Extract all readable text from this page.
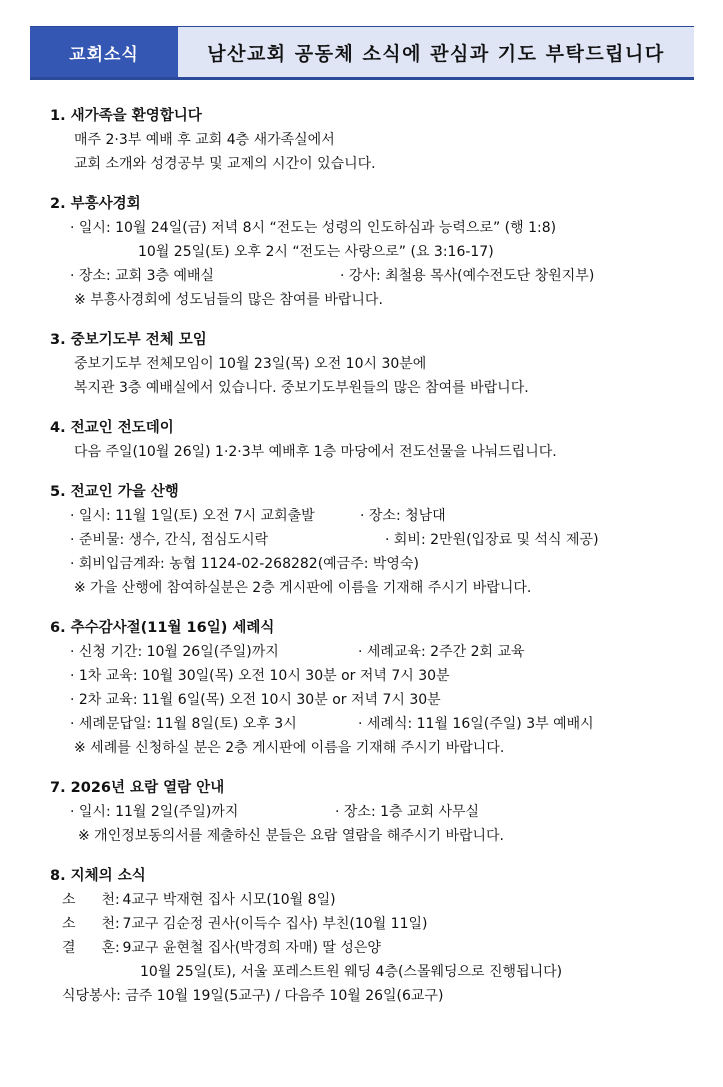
교회소식	남산교회 공동체 소식에 관심과 기도 부탁드립니다
1. 새가족을 환영합니다
매주 2·3부 예배 후 교회 4층 새가족실에서
교회 소개와 성경공부 및 교제의 시간이 있습니다.
2. 부흥사경회
· 일시: 10월 24일(금) 저녁 8시 “전도는 성령의 인도하심과 능력으로” (행 1:8)
10월 25일(토) 오후 2시 “전도는 사랑으로” (요 3:16-17)
· 장소: 교회 3층 예배실	· 강사: 최철용 목사(예수전도단 창원지부)
※ 부흥사경회에 성도님들의 많은 참여를 바랍니다.
3. 중보기도부 전체 모임
중보기도부 전체모임이 10월 23일(목) 오전 10시 30분에
복지관 3층 예배실에서 있습니다. 중보기도부원들의 많은 참여를 바랍니다.
4. 전교인 전도데이
다음 주일(10월 26일) 1·2·3부 예배후 1층 마당에서 전도선물을 나눠드립니다.
5. 전교인 가을 산행
· 일시: 11월 1일(토) 오전 7시 교회출발	· 장소: 청남대
· 준비물: 생수, 간식, 점심도시락	· 회비: 2만원(입장료 및 석식 제공)
· 회비입금계좌: 농협 1124-02-268282(예금주: 박영숙)
※ 가을 산행에 참여하실분은 2층 게시판에 이름을 기재해 주시기 바랍니다.
6. 추수감사절(11월 16일) 세례식
· 신청 기간: 10월 26일(주일)까지	· 세례교육: 2주간 2회 교육
· 1차 교육: 10월 30일(목) 오전 10시 30분 or 저녁 7시 30분
· 2차 교육: 11월 6일(목) 오전 10시 30분 or 저녁 7시 30분
· 세례문답일: 11월 8일(토) 오후 3시	· 세례식: 11월 16일(주일) 3부 예배시
※ 세례를 신청하실 분은 2층 게시판에 이름을 기재해 주시기 바랍니다.
7. 2026년 요람 열람 안내
· 일시: 11월 2일(주일)까지	· 장소: 1층 교회 사무실
※ 개인정보동의서를 제출하신 분들은 요람 열람을 해주시기 바랍니다.
8. 지체의 소식
소 천: 4교구 박재현 집사 시모(10월 8일)
소 천: 7교구 김순정 권사(이득수 집사) 부친(10월 11일)
결 혼: 9교구 윤현철 집사(박경희 자매) 딸 성은양
10월 25일(토), 서울 포레스트원 웨딩 4층(스몰웨딩으로 진행됩니다)
식당봉사: 금주 10월 19일(5교구) / 다음주 10월 26일(6교구)
